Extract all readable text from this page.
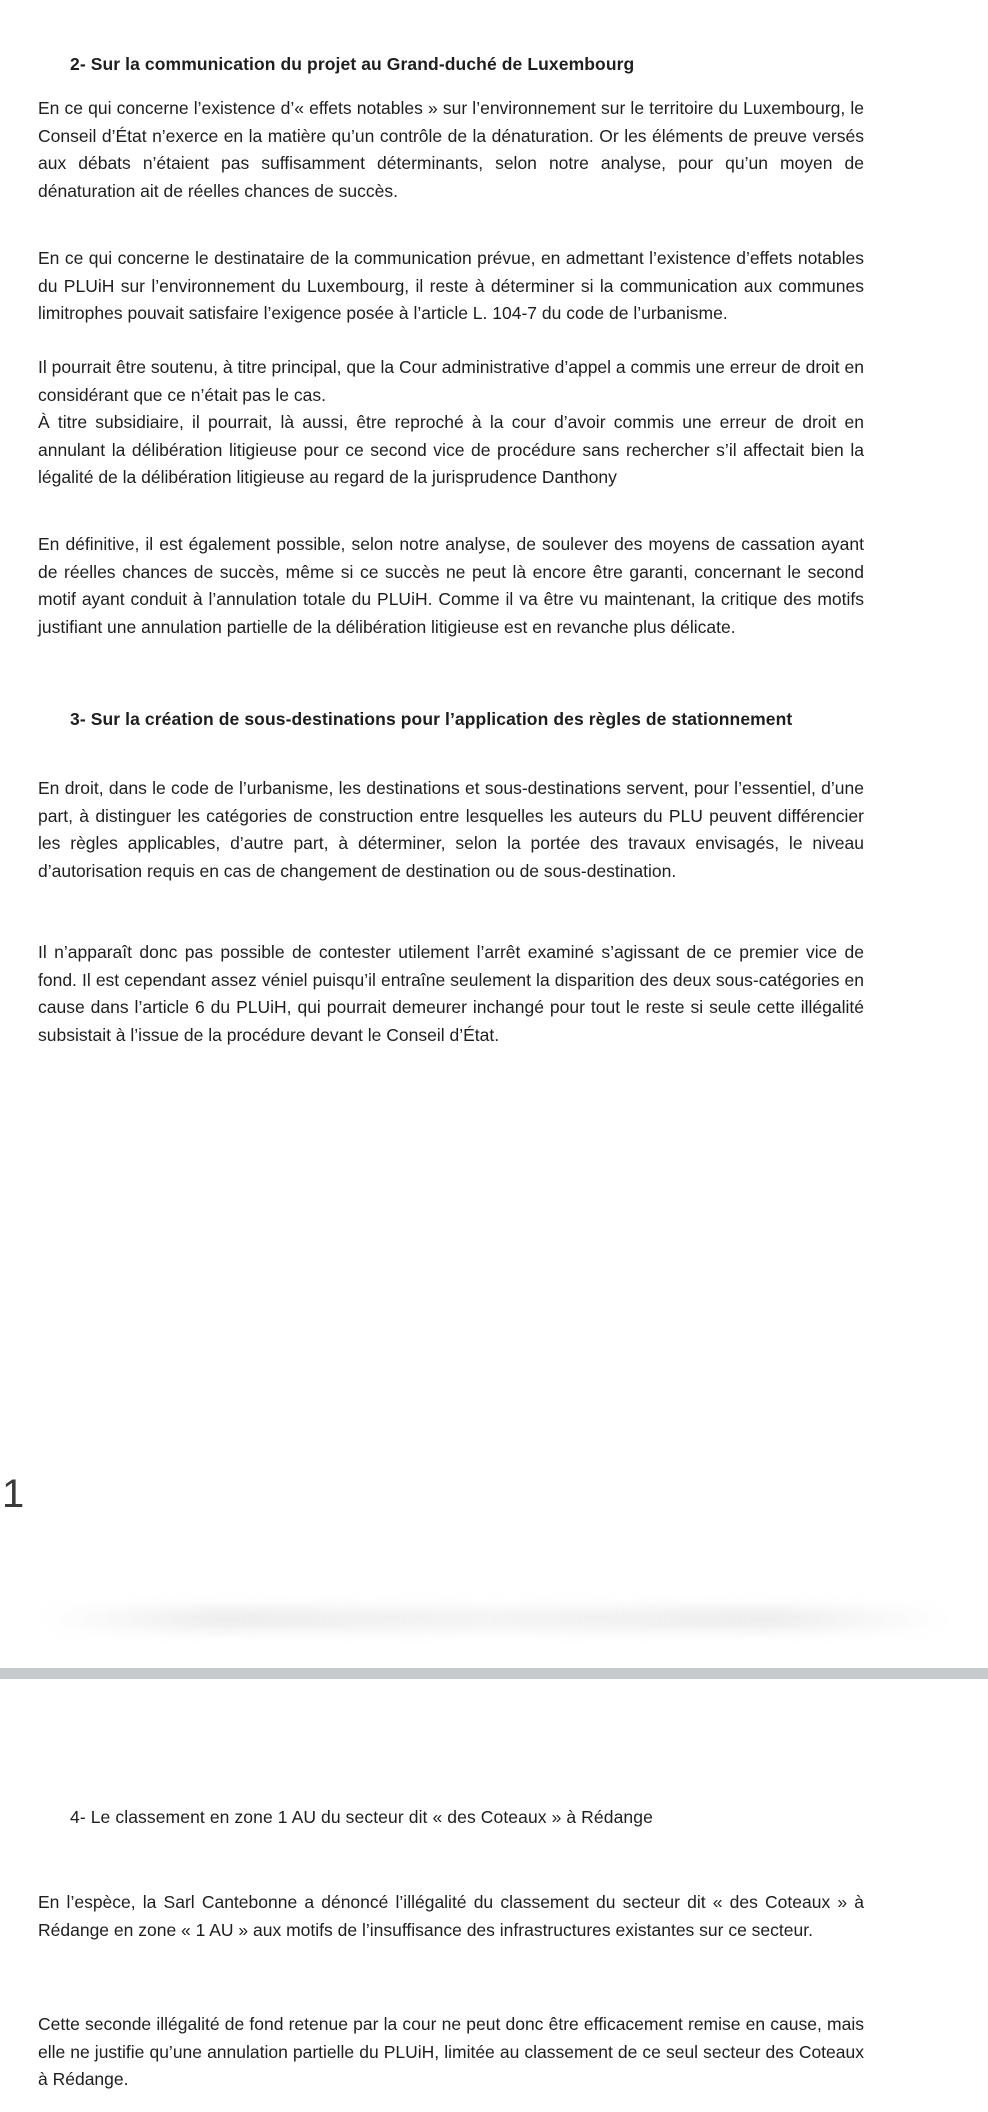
2- Sur la communication du projet au Grand-duché de Luxembourg

En ce qui concerne l’existence d’« effets notables » sur l’environnement sur le territoire du Luxembourg, le Conseil d’État n’exerce en la matière qu’un contrôle de la dénaturation. Or les éléments de preuve versés aux débats n’étaient pas suffisamment déterminants, selon notre analyse, pour qu’un moyen de dénaturation ait de réelles chances de succès.

En ce qui concerne le destinataire de la communication prévue, en admettant l’existence d’effets notables du PLUiH sur l’environnement du Luxembourg, il reste à déterminer si la communication aux communes limitrophes pouvait satisfaire l’exigence posée à l’article L. 104-7 du code de l’urbanisme.

Il pourrait être soutenu, à titre principal, que la Cour administrative d’appel a commis une erreur de droit en considérant que ce n’était pas le cas.

À titre subsidiaire, il pourrait, là aussi, être reproché à la cour d’avoir commis une erreur de droit en annulant la délibération litigieuse pour ce second vice de procédure sans rechercher s’il affectait bien la légalité de la délibération litigieuse au regard de la jurisprudence Danthony

En définitive, il est également possible, selon notre analyse, de soulever des moyens de cassation ayant de réelles chances de succès, même si ce succès ne peut là encore être garanti, concernant le second motif ayant conduit à l’annulation totale du PLUiH. Comme il va être vu maintenant, la critique des motifs justifiant une annulation partielle de la délibération litigieuse est en revanche plus délicate.

3- Sur la création de sous-destinations pour l’application des règles de stationnement

En droit, dans le code de l’urbanisme, les destinations et sous-destinations servent, pour l’essentiel, d’une part, à distinguer les catégories de construction entre lesquelles les auteurs du PLU peuvent différencier les règles applicables, d’autre part, à déterminer, selon la portée des travaux envisagés, le niveau d’autorisation requis en cas de changement de destination ou de sous-destination.

Il n’apparaît donc pas possible de contester utilement l’arrêt examiné s’agissant de ce premier vice de fond. Il est cependant assez véniel puisqu’il entraîne seulement la disparition des deux sous-catégories en cause dans l’article 6 du PLUiH, qui pourrait demeurer inchangé pour tout le reste si seule cette illégalité subsistait à l’issue de la procédure devant le Conseil d’État.

1
4- Le classement en zone 1 AU du secteur dit « des Coteaux » à Rédange

En l’espèce, la Sarl Cantebonne a dénoncé l’illégalité du classement du secteur dit « des Coteaux » à Rédange en zone « 1 AU » aux motifs de l’insuffisance des infrastructures existantes sur ce secteur.

Cette seconde illégalité de fond retenue par la cour ne peut donc être efficacement remise en cause, mais elle ne justifie qu’une annulation partielle du PLUiH, limitée au classement de ce seul secteur des Coteaux à Rédange.
